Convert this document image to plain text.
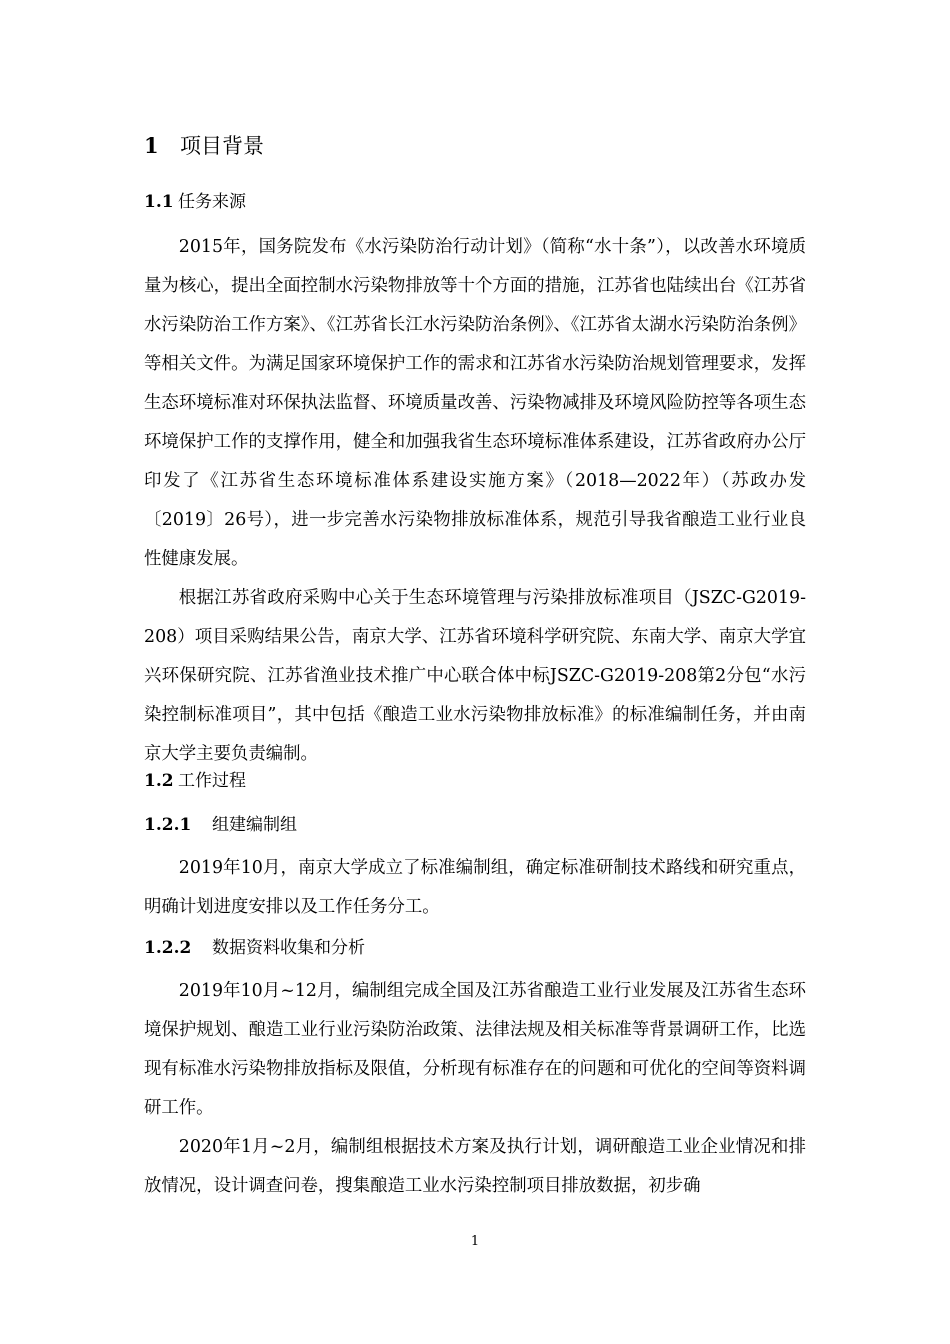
1 项目背景
1.1 任务来源
2015年，国务院发布《水污染防治行动计划》（简称“水十条”），以改善水环境质量为核心，提出全面控制水污染物排放等十个方面的措施，江苏省也陆续出台《江苏省水污染防治工作方案》、《江苏省长江水污染防治条例》、《江苏省太湖水污染防治条例》等相关文件。为满足国家环境保护工作的需求和江苏省水污染防治规划管理要求，发挥生态环境标准对环保执法监督、环境质量改善、污染物减排及环境风险防控等各项生态环境保护工作的支撑作用，健全和加强我省生态环境标准体系建设，江苏省政府办公厅印发了《江苏省生态环境标准体系建设实施方案》（2018—2022年）（苏政办发〔2019〕26号），进一步完善水污染物排放标准体系，规范引导我省酿造工业行业良性健康发展。
根据江苏省政府采购中心关于生态环境管理与污染排放标准项目（JSZC-G2019-208）项目采购结果公告，南京大学、江苏省环境科学研究院、东南大学、南京大学宜兴环保研究院、江苏省渔业技术推广中心联合体中标JSZC-G2019-208第2分包“水污染控制标准项目”，其中包括《酿造工业水污染物排放标准》的标准编制任务，并由南京大学主要负责编制。
1.2 工作过程
1.2.1 组建编制组
2019年10月，南京大学成立了标准编制组，确定标准研制技术路线和研究重点，明确计划进度安排以及工作任务分工。
1.2.2 数据资料收集和分析
2019年10月~12月，编制组完成全国及江苏省酿造工业行业发展及江苏省生态环境保护规划、酿造工业行业污染防治政策、法律法规及相关标准等背景调研工作，比选现有标准水污染物排放指标及限值，分析现有标准存在的问题和可优化的空间等资料调研工作。
2020年1月~2月，编制组根据技术方案及执行计划，调研酿造工业企业情况和排放情况，设计调查问卷，搜集酿造工业水污染控制项目排放数据，初步确
1
